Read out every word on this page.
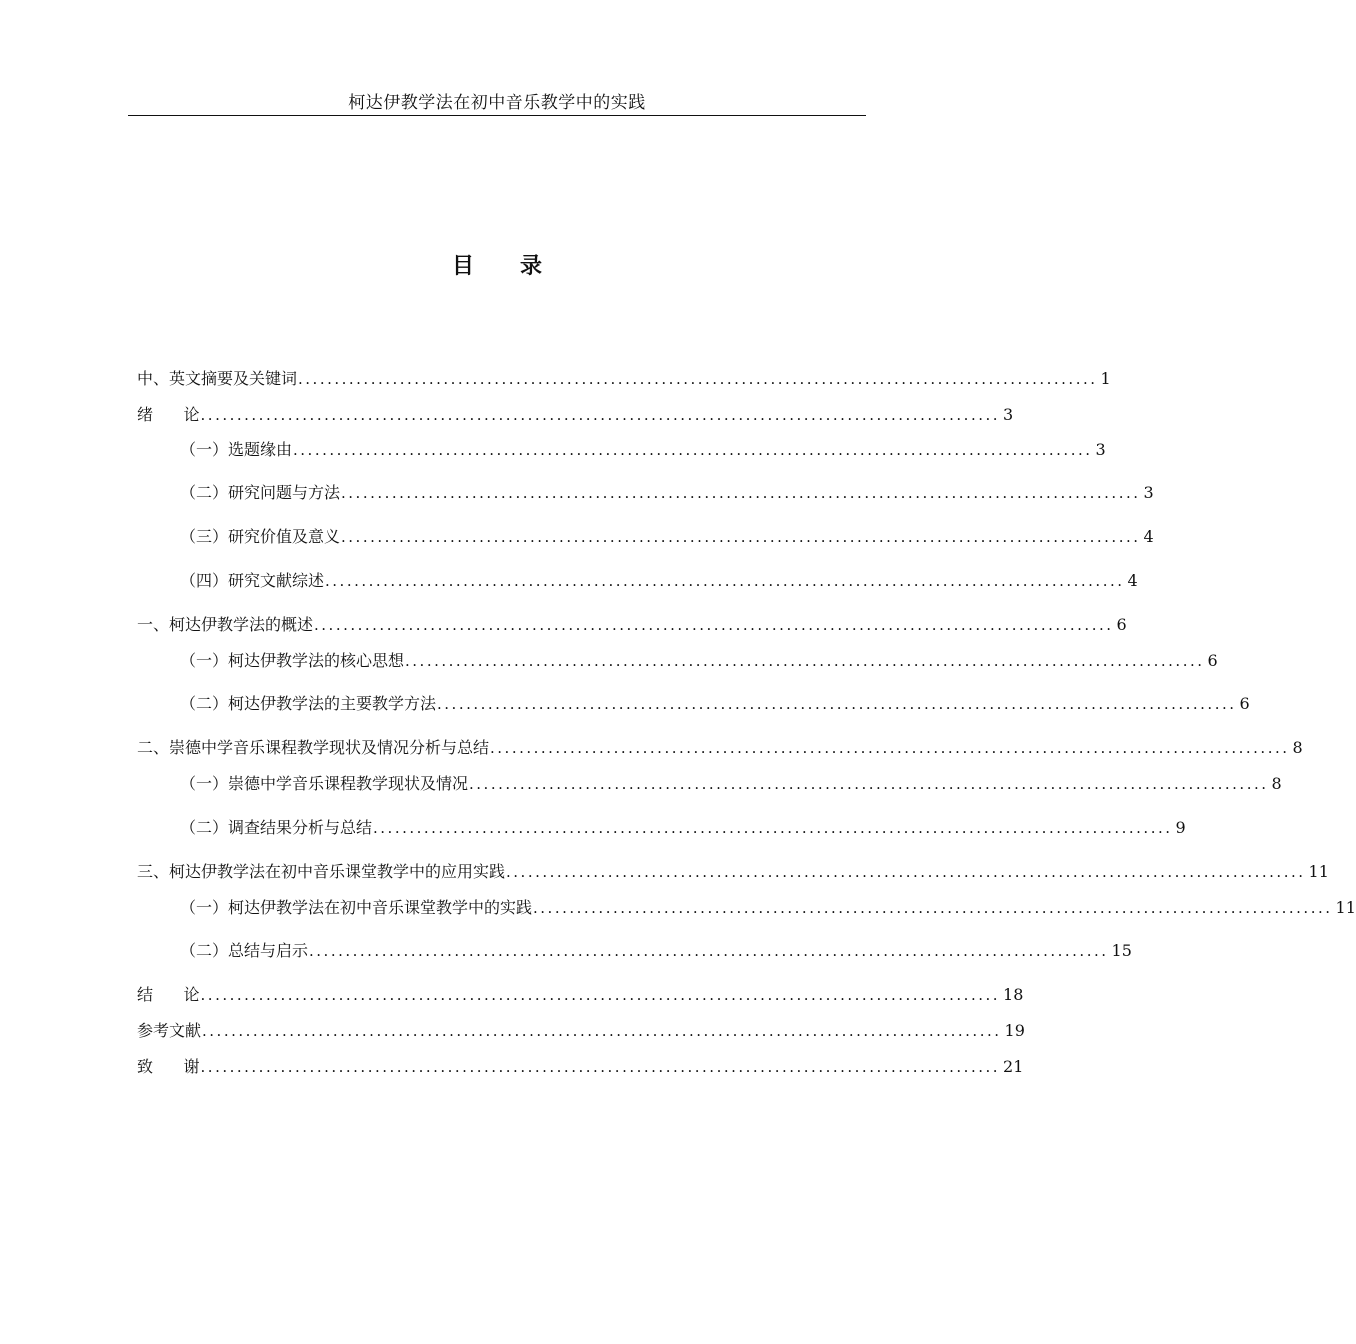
柯达伊教学法在初中音乐教学中的实践
目      录
中、英文摘要及关键词 .............................................................................................................. 1
绪      论 .............................................................................................................. 3
（一）选题缘由 .............................................................................................................. 3
（二）研究问题与方法 .............................................................................................................. 3
（三）研究价值及意义 .............................................................................................................. 4
（四）研究文献综述 .............................................................................................................. 4
一、柯达伊教学法的概述 .............................................................................................................. 6
（一）柯达伊教学法的核心思想 .............................................................................................................. 6
（二）柯达伊教学法的主要教学方法 .............................................................................................................. 6
二、崇德中学音乐课程教学现状及情况分析与总结 .............................................................................................................. 8
（一）崇德中学音乐课程教学现状及情况 .............................................................................................................. 8
（二）调查结果分析与总结 .............................................................................................................. 9
三、柯达伊教学法在初中音乐课堂教学中的应用实践 .............................................................................................................. 11
（一）柯达伊教学法在初中音乐课堂教学中的实践 .............................................................................................................. 11
（二）总结与启示 .............................................................................................................. 15
结      论 .............................................................................................................. 18
参考文献 .............................................................................................................. 19
致      谢 .............................................................................................................. 21
